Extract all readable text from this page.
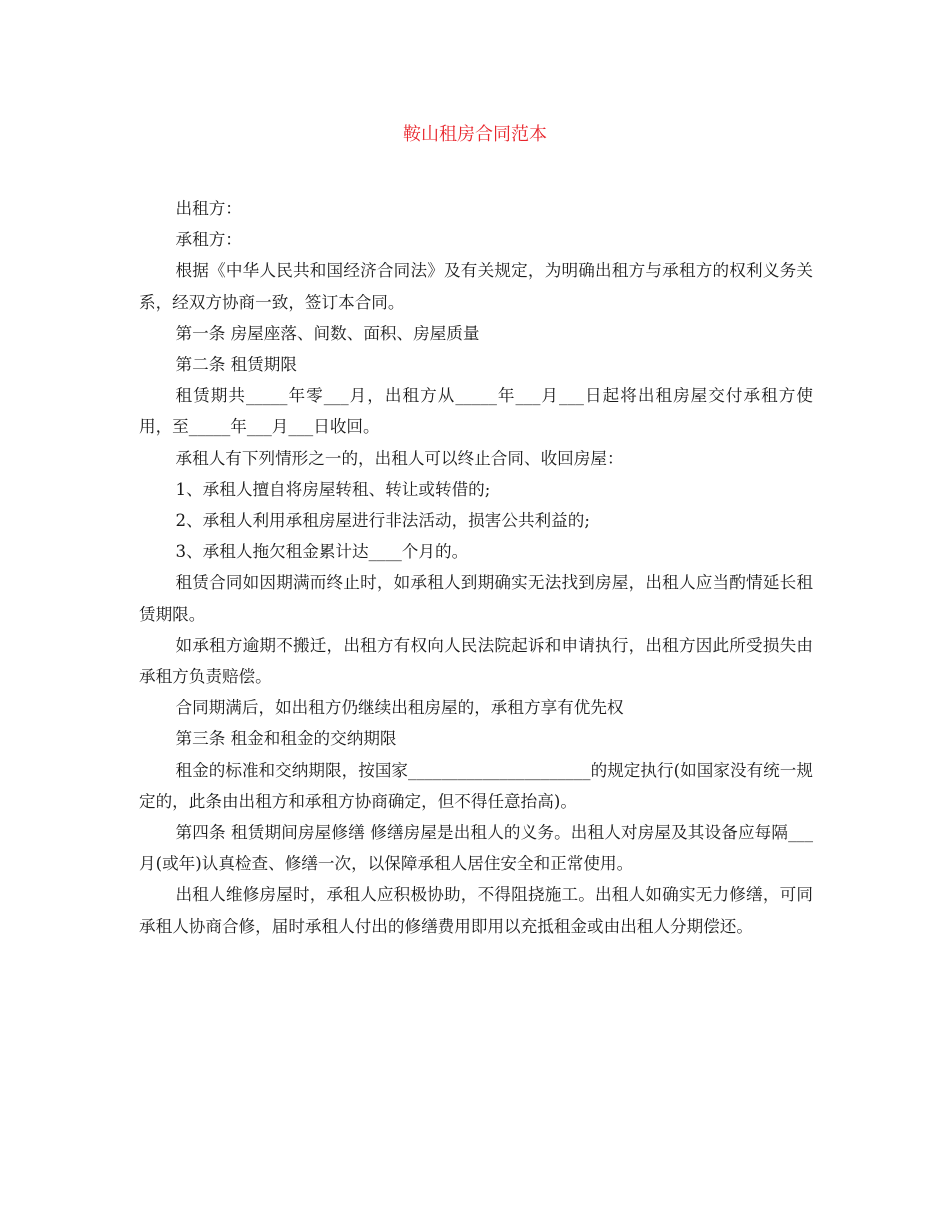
鞍山租房合同范本

出租方：

承租方：

根据《中华人民共和国经济合同法》及有关规定，为明确出租方与承租方的权利义务关系，经双方协商一致，签订本合同。

第一条 房屋座落、间数、面积、房屋质量

第二条 租赁期限

租赁期共_____年零___月，出租方从_____年___月___日起将出租房屋交付承租方使用，至_____年___月___日收回。

承租人有下列情形之一的，出租人可以终止合同、收回房屋：

1、承租人擅自将房屋转租、转让或转借的;

2、承租人利用承租房屋进行非法活动，损害公共利益的;

3、承租人拖欠租金累计达____个月的。

租赁合同如因期满而终止时，如承租人到期确实无法找到房屋，出租人应当酌情延长租赁期限。

如承租方逾期不搬迁，出租方有权向人民法院起诉和申请执行，出租方因此所受损失由承租方负责赔偿。

合同期满后，如出租方仍继续出租房屋的，承租方享有优先权

第三条 租金和租金的交纳期限

租金的标准和交纳期限，按国家______________________的规定执行(如国家没有统一规定的，此条由出租方和承租方协商确定，但不得任意抬高)。

第四条 租赁期间房屋修缮 修缮房屋是出租人的义务。出租人对房屋及其设备应每隔___月(或年)认真检查、修缮一次，以保障承租人居住安全和正常使用。

出租人维修房屋时，承租人应积极协助，不得阻挠施工。出租人如确实无力修缮，可同承租人协商合修，届时承租人付出的修缮费用即用以充抵租金或由出租人分期偿还。
